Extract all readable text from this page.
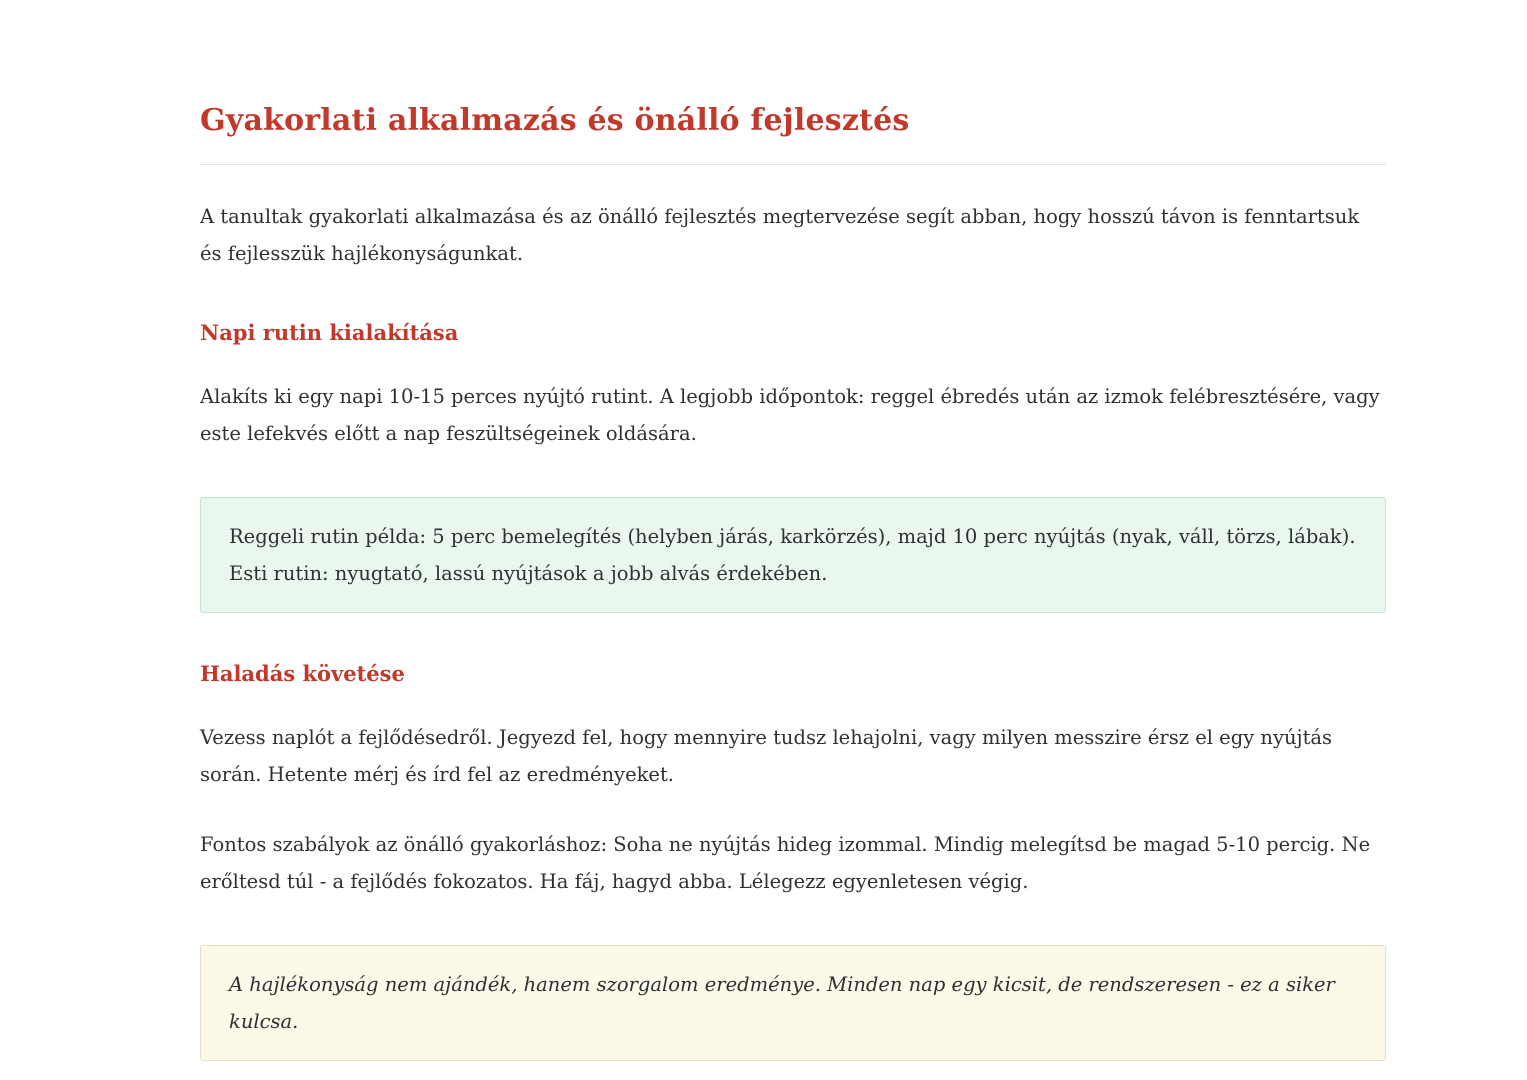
Gyakorlati alkalmazás és önálló fejlesztés

A tanultak gyakorlati alkalmazása és az önálló fejlesztés megtervezése segít abban, hogy hosszú távon is fenntartsuk és fejlesszük hajlékonyságunkat.

Napi rutin kialakítása

Alakíts ki egy napi 10-15 perces nyújtó rutint. A legjobb időpontok: reggel ébredés után az izmok felébresztésére, vagy este lefekvés előtt a nap feszültségeinek oldására.

Reggeli rutin példa: 5 perc bemelegítés (helyben járás, karkörzés), majd 10 perc nyújtás (nyak, váll, törzs, lábak). Esti rutin: nyugtató, lassú nyújtások a jobb alvás érdekében.
Haladás követése

Vezess naplót a fejlődésedről. Jegyezd fel, hogy mennyire tudsz lehajolni, vagy milyen messzire érsz el egy nyújtás során. Hetente mérj és írd fel az eredményeket.

Fontos szabályok az önálló gyakorláshoz: Soha ne nyújtás hideg izommal. Mindig melegítsd be magad 5-10 percig. Ne erőltesd túl - a fejlődés fokozatos. Ha fáj, hagyd abba. Lélegezz egyenletesen végig.

A hajlékonyság nem ajándék, hanem szorgalom eredménye. Minden nap egy kicsit, de rendszeresen - ez a siker kulcsa.
